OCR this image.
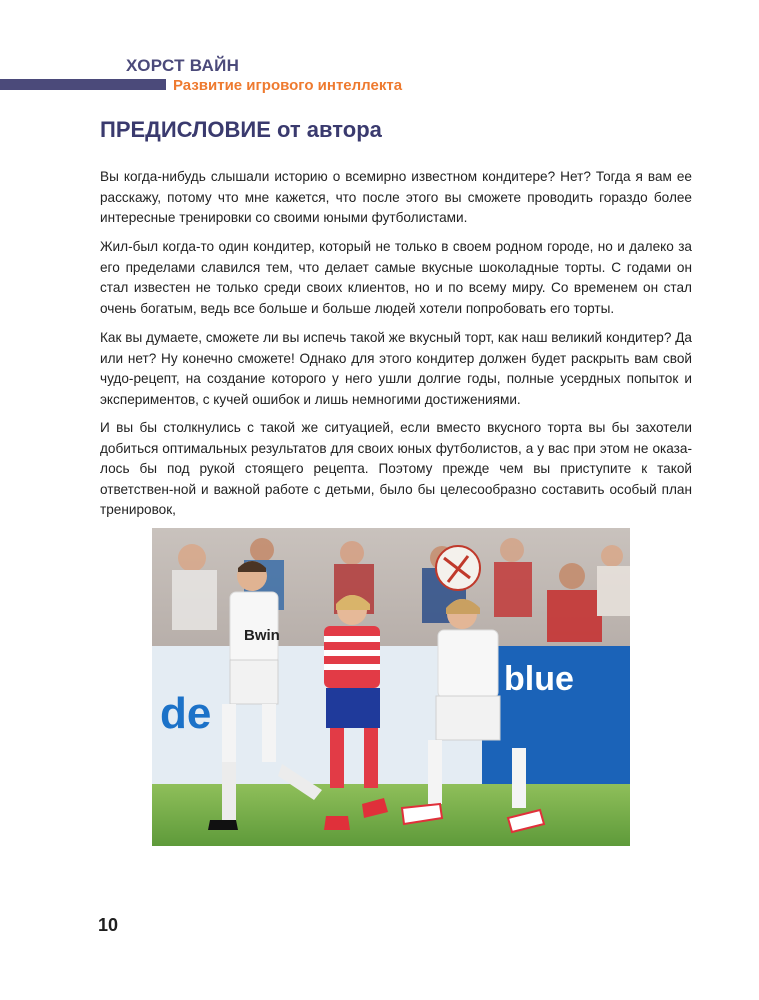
ХОРСТ ВАЙН
Развитие игрового интеллекта
ПРЕДИСЛОВИЕ от автора

Вы когда-нибудь слышали историю о всемирно известном кондитере? Нет? Тогда я вам ее расскажу, потому что мне кажется, что после этого вы сможете проводить гораздо более интересные тренировки со своими юными футболистами.

Жил-был когда-то один кондитер, который не только в своем родном городе, но и далеко за его пределами славился тем, что делает самые вкусные шоколадные торты. С годами он стал известен не только среди своих клиентов, но и по всему миру. Со временем он стал очень богатым, ведь все больше и больше людей хотели попробовать его торты.

Как вы думаете, сможете ли вы испечь такой же вкусный торт, как наш великий кондитер? Да или нет? Ну конечно сможете! Однако для этого кондитер должен будет раскрыть вам свой чудо-рецепт, на создание которого у него ушли долгие годы, полные усердных попыток и экспериментов, с кучей ошибок и лишь немногими достижениями.

И вы бы столкнулись с такой же ситуацией, если вместо вкусного торта вы бы захотели добиться оптимальных результатов для своих юных футболистов, а у вас при этом не оказа-лось бы под рукой стоящего рецепта. Поэтому прежде чем вы приступите к такой ответствен-ной и важной работе с детьми, было бы целесообразно составить особый план тренировок,

blue
de
Bwin
10
